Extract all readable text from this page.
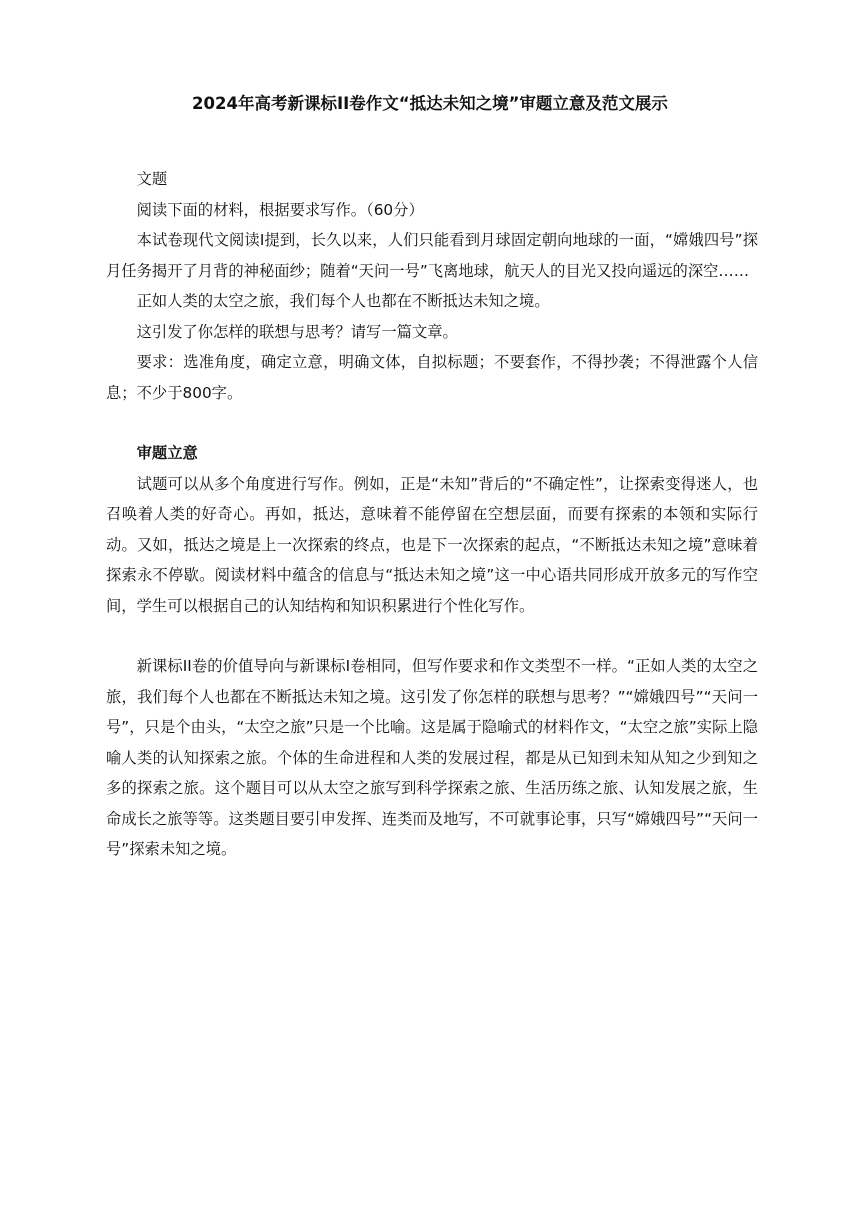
2024年高考新课标II卷作文“抵达未知之境”审题立意及范文展示

文题

阅读下面的材料，根据要求写作。（60分）

本试卷现代文阅读I提到，长久以来，人们只能看到月球固定朝向地球的一面，“嫦娥四号”探月任务揭开了月背的神秘面纱；随着“天问一号”飞离地球，航天人的目光又投向遥远的深空……

正如人类的太空之旅，我们每个人也都在不断抵达未知之境。

这引发了你怎样的联想与思考？请写一篇文章。

要求：选准角度，确定立意，明确文体，自拟标题；不要套作，不得抄袭；不得泄露个人信息；不少于800字。

审题立意

试题可以从多个角度进行写作。例如，正是“未知”背后的“不确定性”，让探索变得迷人，也召唤着人类的好奇心。再如，抵达，意味着不能停留在空想层面，而要有探索的本领和实际行动。又如，抵达之境是上一次探索的终点，也是下一次探索的起点，“不断抵达未知之境”意味着探索永不停歇。阅读材料中蕴含的信息与“抵达未知之境”这一中心语共同形成开放多元的写作空间，学生可以根据自己的认知结构和知识积累进行个性化写作。

新课标II卷的价值导向与新课标I卷相同，但写作要求和作文类型不一样。“正如人类的太空之旅，我们每个人也都在不断抵达未知之境。这引发了你怎样的联想与思考？”“嫦娥四号”“天问一号”，只是个由头，“太空之旅”只是一个比喻。这是属于隐喻式的材料作文，“太空之旅”实际上隐喻人类的认知探索之旅。个体的生命进程和人类的发展过程，都是从已知到未知从知之少到知之多的探索之旅。这个题目可以从太空之旅写到科学探索之旅、生活历练之旅、认知发展之旅，生命成长之旅等等。这类题目要引申发挥、连类而及地写，不可就事论事，只写“嫦娥四号”“天问一号”探索未知之境。
